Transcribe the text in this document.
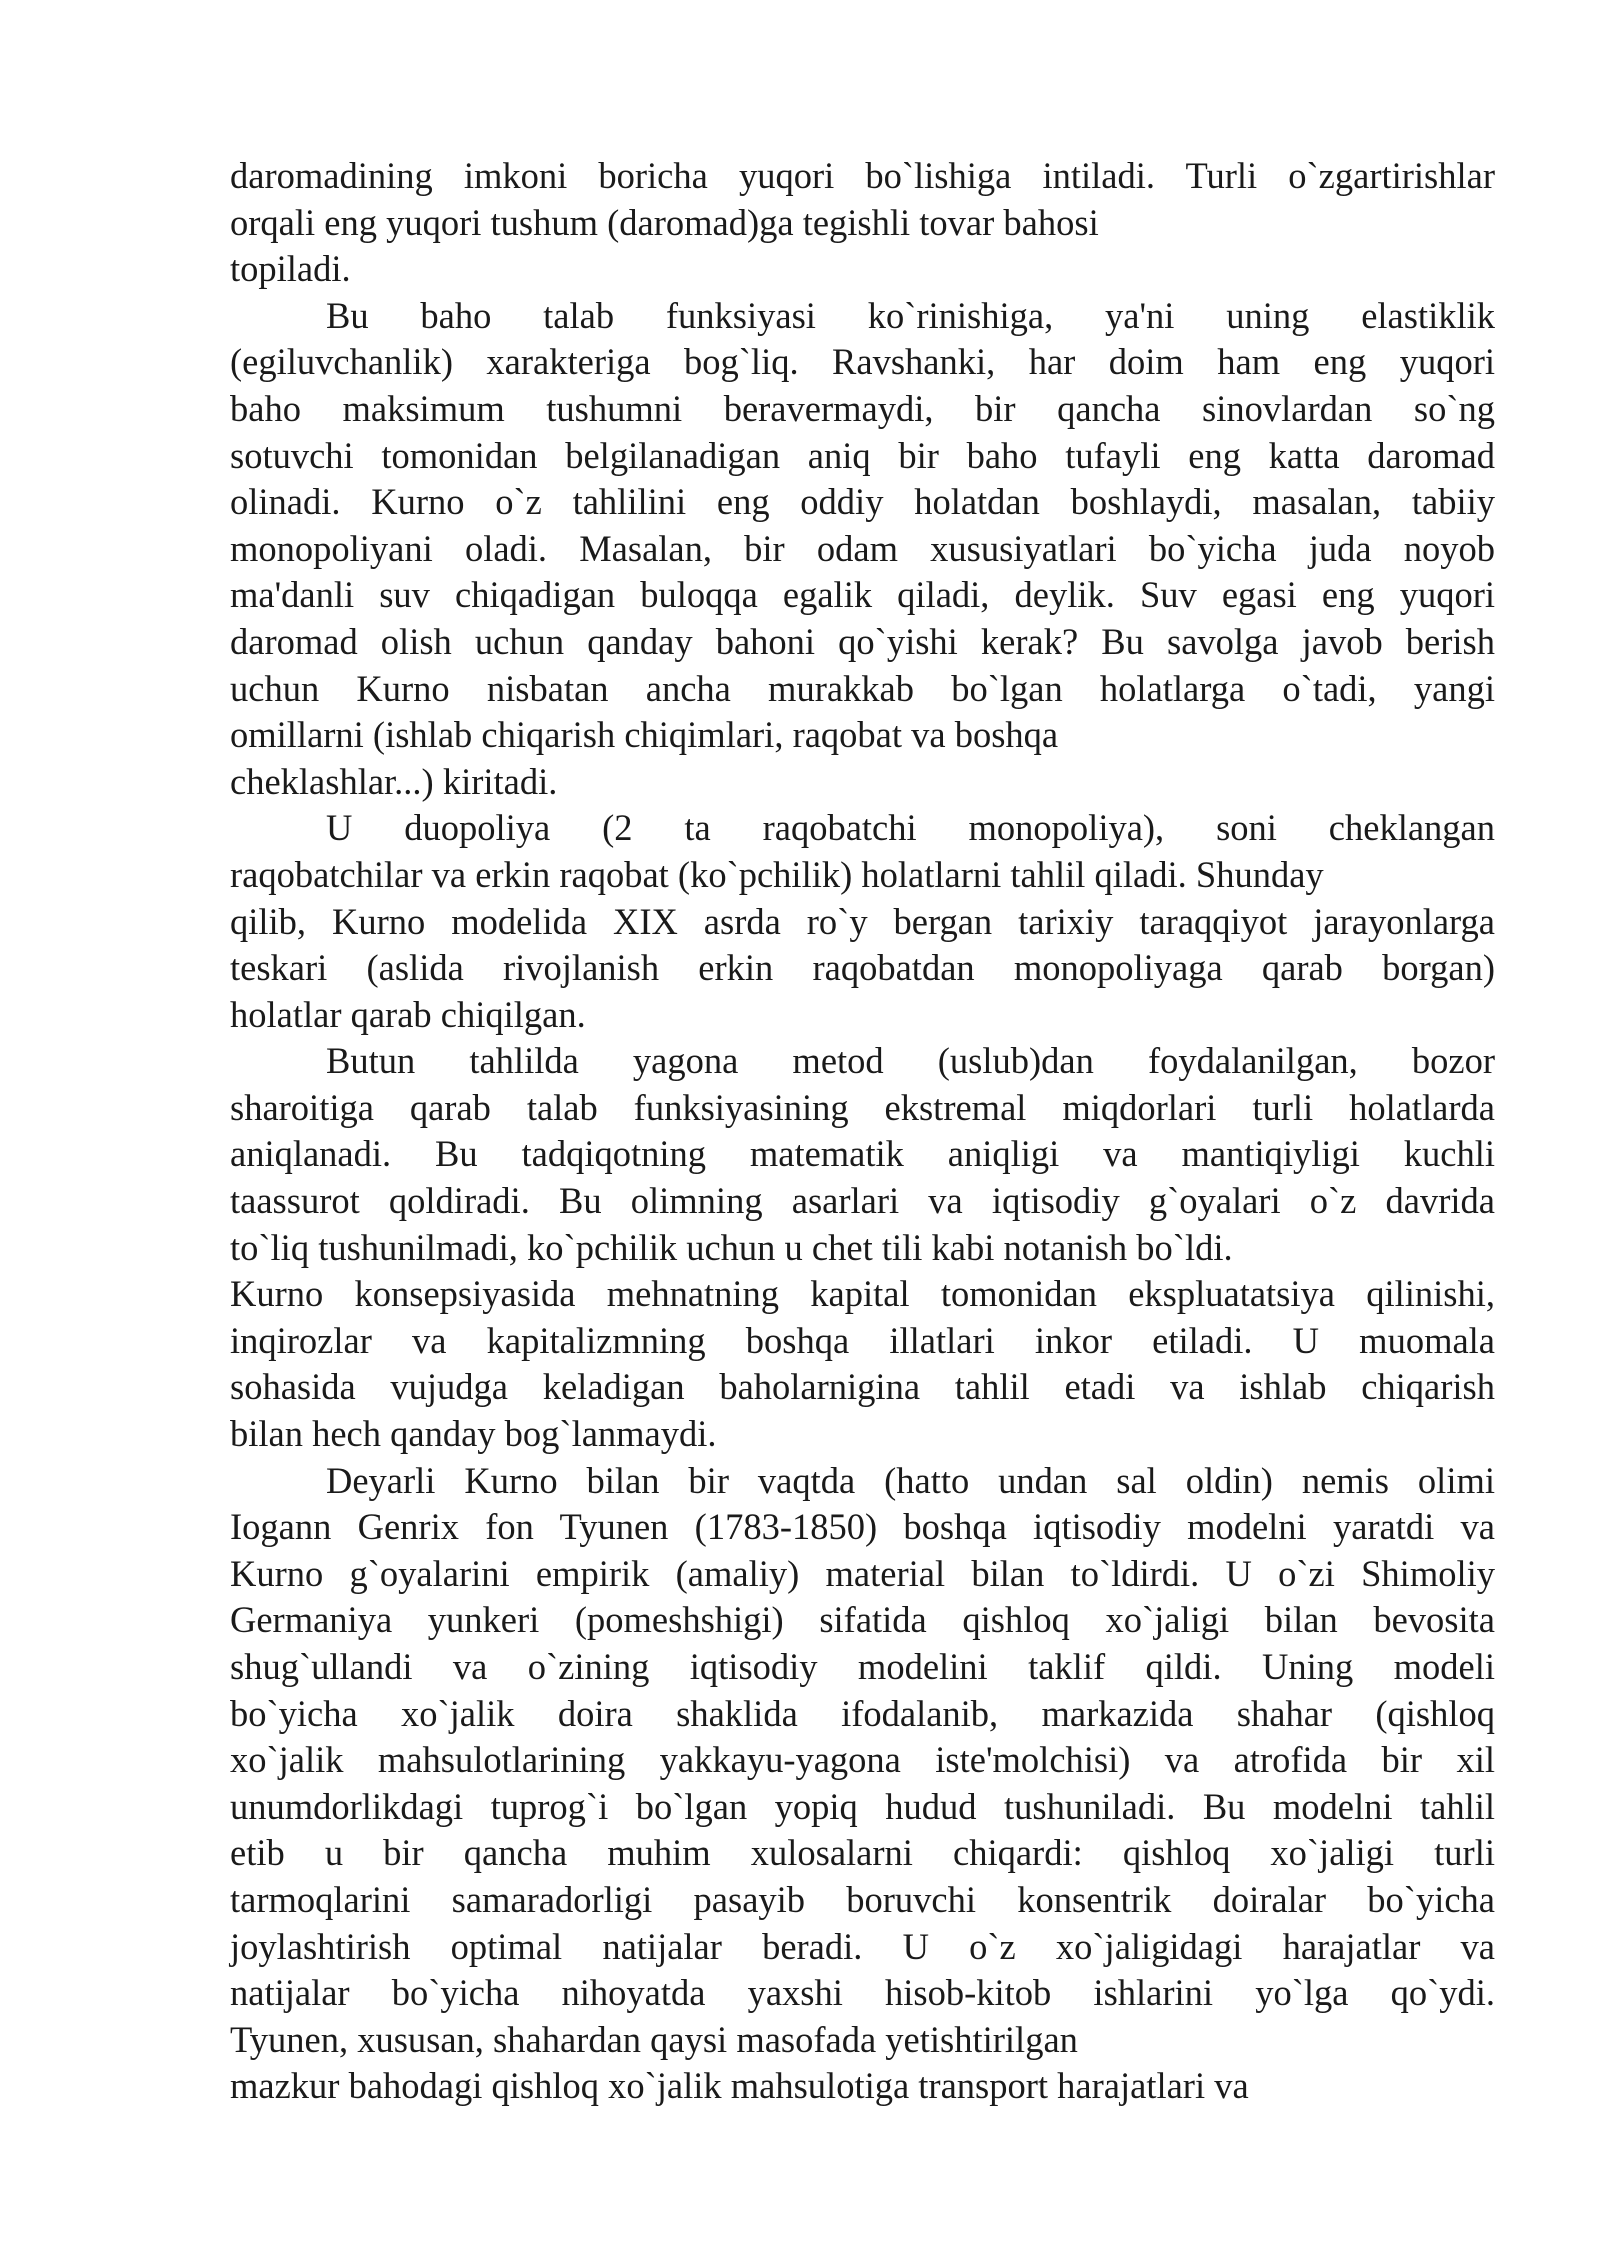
daromadining imkoni boricha yuqori bo`lishiga intiladi. Turli o`zgartirishlar
orqali eng yuqori tushum (daromad)ga tegishli tovar bahosi
topiladi.
Bu baho talab funksiyasi ko`rinishiga, ya'ni uning elastiklik
(egiluvchanlik) xarakteriga bog`liq. Ravshanki, har doim ham eng yuqori
baho maksimum tushumni beravermaydi, bir qancha sinovlardan so`ng
sotuvchi tomonidan belgilanadigan aniq bir baho tufayli eng katta daromad
olinadi. Kurno o`z tahlilini eng oddiy holatdan boshlaydi, masalan, tabiiy
monopoliyani oladi. Masalan, bir odam xususiyatlari bo`yicha juda noyob
ma'danli suv chiqadigan buloqqa egalik qiladi, deylik. Suv egasi eng yuqori
daromad olish uchun qanday bahoni qo`yishi kerak? Bu savolga javob berish
uchun Kurno nisbatan ancha murakkab bo`lgan holatlarga o`tadi, yangi
omillarni (ishlab chiqarish chiqimlari, raqobat va boshqa
cheklashlar...) kiritadi.
U duopoliya (2 ta raqobatchi monopoliya), soni cheklangan
raqobatchilar va erkin raqobat (ko`pchilik) holatlarni tahlil qiladi. Shunday
qilib, Kurno modelida XIX asrda ro`y bergan tarixiy taraqqiyot jarayonlarga
teskari (aslida rivojlanish erkin raqobatdan monopoliyaga qarab borgan)
holatlar qarab chiqilgan.
Butun tahlilda yagona metod (uslub)dan foydalanilgan, bozor
sharoitiga qarab talab funksiyasining ekstremal miqdorlari turli holatlarda
aniqlanadi. Bu tadqiqotning matematik aniqligi va mantiqiyligi kuchli
taassurot qoldiradi. Bu olimning asarlari va iqtisodiy g`oyalari o`z davrida
to`liq tushunilmadi, ko`pchilik uchun u chet tili kabi notanish bo`ldi.
Kurno konsepsiyasida mehnatning kapital tomonidan ekspluatatsiya qilinishi,
inqirozlar va kapitalizmning boshqa illatlari inkor etiladi. U muomala
sohasida vujudga keladigan baholarnigina tahlil etadi va ishlab chiqarish
bilan hech qanday bog`lanmaydi.
Deyarli Kurno bilan bir vaqtda (hatto undan sal oldin) nemis olimi
Iogann Genrix fon Tyunen (1783-1850) boshqa iqtisodiy modelni yaratdi va
Kurno g`oyalarini empirik (amaliy) material bilan to`ldirdi. U o`zi Shimoliy
Germaniya yunkeri (pomeshshigi) sifatida qishloq xo`jaligi bilan bevosita
shug`ullandi va o`zining iqtisodiy modelini taklif qildi. Uning modeli
bo`yicha xo`jalik doira shaklida ifodalanib, markazida shahar (qishloq
xo`jalik mahsulotlarining yakkayu-yagona iste'molchisi) va atrofida bir xil
unumdorlikdagi tuprog`i bo`lgan yopiq hudud tushuniladi. Bu modelni tahlil
etib u bir qancha muhim xulosalarni chiqardi: qishloq xo`jaligi turli
tarmoqlarini samaradorligi pasayib boruvchi konsentrik doiralar bo`yicha
joylashtirish optimal natijalar beradi. U o`z xo`jaligidagi harajatlar va
natijalar bo`yicha nihoyatda yaxshi hisob-kitob ishlarini yo`lga qo`ydi.
Tyunen, xususan, shahardan qaysi masofada yetishtirilgan
mazkur bahodagi qishloq xo`jalik mahsulotiga transport harajatlari va
